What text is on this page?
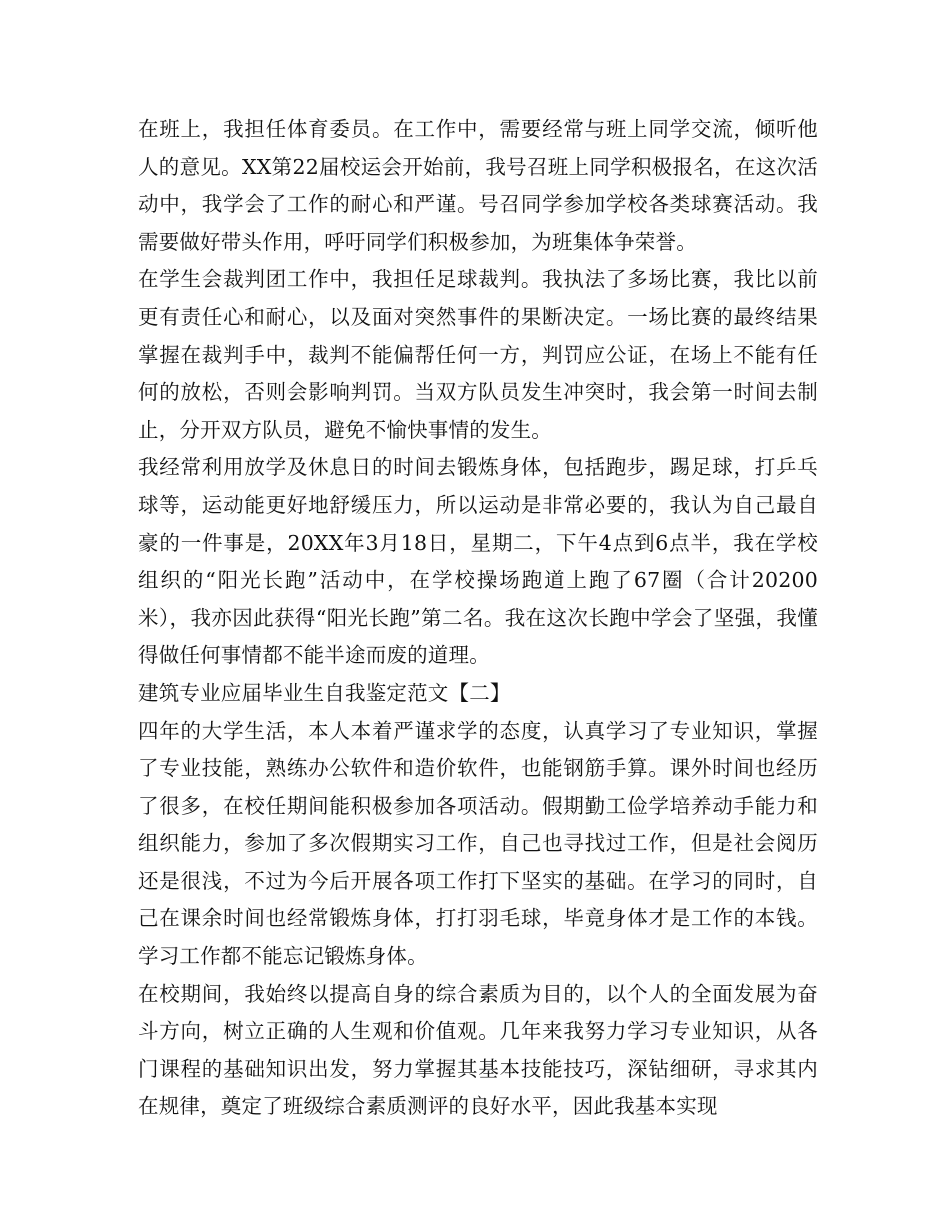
在班上，我担任体育委员。在工作中，需要经常与班上同学交流，倾听他人的意见。XX第22届校运会开始前，我号召班上同学积极报名，在这次活动中，我学会了工作的耐心和严谨。号召同学参加学校各类球赛活动。我需要做好带头作用，呼吁同学们积极参加，为班集体争荣誉。

在学生会裁判团工作中，我担任足球裁判。我执法了多场比赛，我比以前更有责任心和耐心，以及面对突然事件的果断决定。一场比赛的最终结果掌握在裁判手中，裁判不能偏帮任何一方，判罚应公证，在场上不能有任何的放松，否则会影响判罚。当双方队员发生冲突时，我会第一时间去制止，分开双方队员，避免不愉快事情的发生。

我经常利用放学及休息日的时间去锻炼身体，包括跑步，踢足球，打乒乓球等，运动能更好地舒缓压力，所以运动是非常必要的，我认为自己最自豪的一件事是，20XX年3月18日，星期二，下午4点到6点半，我在学校组织的“阳光长跑”活动中，在学校操场跑道上跑了67圈（合计20200米），我亦因此获得“阳光长跑”第二名。我在这次长跑中学会了坚强，我懂得做任何事情都不能半途而废的道理。

建筑专业应届毕业生自我鉴定范文【二】

四年的大学生活，本人本着严谨求学的态度，认真学习了专业知识，掌握了专业技能，熟练办公软件和造价软件，也能钢筋手算。课外时间也经历了很多，在校任期间能积极参加各项活动。假期勤工俭学培养动手能力和组织能力，参加了多次假期实习工作，自己也寻找过工作，但是社会阅历还是很浅，不过为今后开展各项工作打下坚实的基础。在学习的同时，自己在课余时间也经常锻炼身体，打打羽毛球，毕竟身体才是工作的本钱。学习工作都不能忘记锻炼身体。

在校期间，我始终以提高自身的综合素质为目的，以个人的全面发展为奋斗方向，树立正确的人生观和价值观。几年来我努力学习专业知识，从各门课程的基础知识出发，努力掌握其基本技能技巧，深钻细研，寻求其内在规律，奠定了班级综合素质测评的良好水平，因此我基本实现
